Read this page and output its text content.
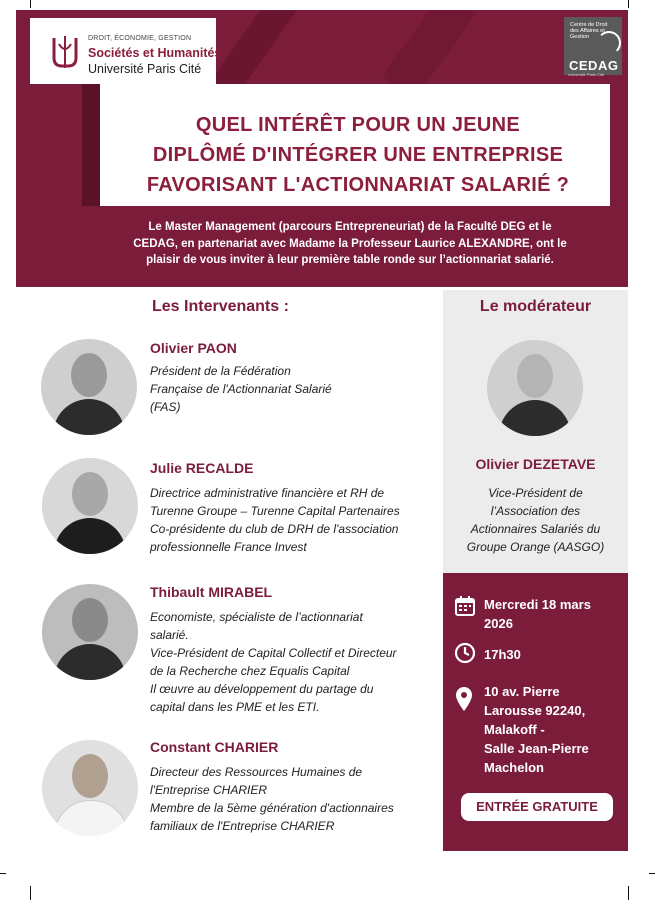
DROIT, ÉCONOMIE, GESTION
Sociétés et Humanités
Université Paris Cité
Centre de Droit des Affaires et Gestion
CEDAG
Université Paris Cité
QUEL INTÉRÊT POUR UN JEUNE
DIPLÔMÉ D'INTÉGRER UNE ENTREPRISE
FAVORISANT L'ACTIONNARIAT SALARIÉ ?
Le Master Management (parcours Entrepreneuriat) de la Faculté DEG et le
CEDAG, en partenariat avec Madame la Professeur Laurice ALEXANDRE, ont le
plaisir de vous inviter à leur première table ronde sur l’actionnariat salarié.
Les Intervenants :
Olivier PAON
Président de la Fédération
Française de l'Actionnariat Salarié
(FAS)
Julie RECALDE
Directrice administrative financière et RH de
Turenne Groupe – Turenne Capital Partenaires
Co-présidente du club de DRH de l'association
professionnelle France Invest
Thibault MIRABEL
Economiste, spécialiste de l’actionnariat
salarié.
Vice-Président de Capital Collectif et Directeur
de la Recherche chez Equalis Capital
Il œuvre au développement du partage du
capital dans les PME et les ETI.
Constant CHARIER
Directeur des Ressources Humaines de
l'Entreprise CHARIER
Membre de la 5ème génération d'actionnaires
familiaux de l'Entreprise CHARIER
Le modérateur
Olivier DEZETAVE
Vice-Président de
l’Association des
Actionnaires Salariés du
Groupe Orange (AASGO)
Mercredi 18 mars
2026
17h30
10 av. Pierre
Larousse 92240,
Malakoff -
Salle Jean-Pierre
Machelon
ENTRÉE GRATUITE
